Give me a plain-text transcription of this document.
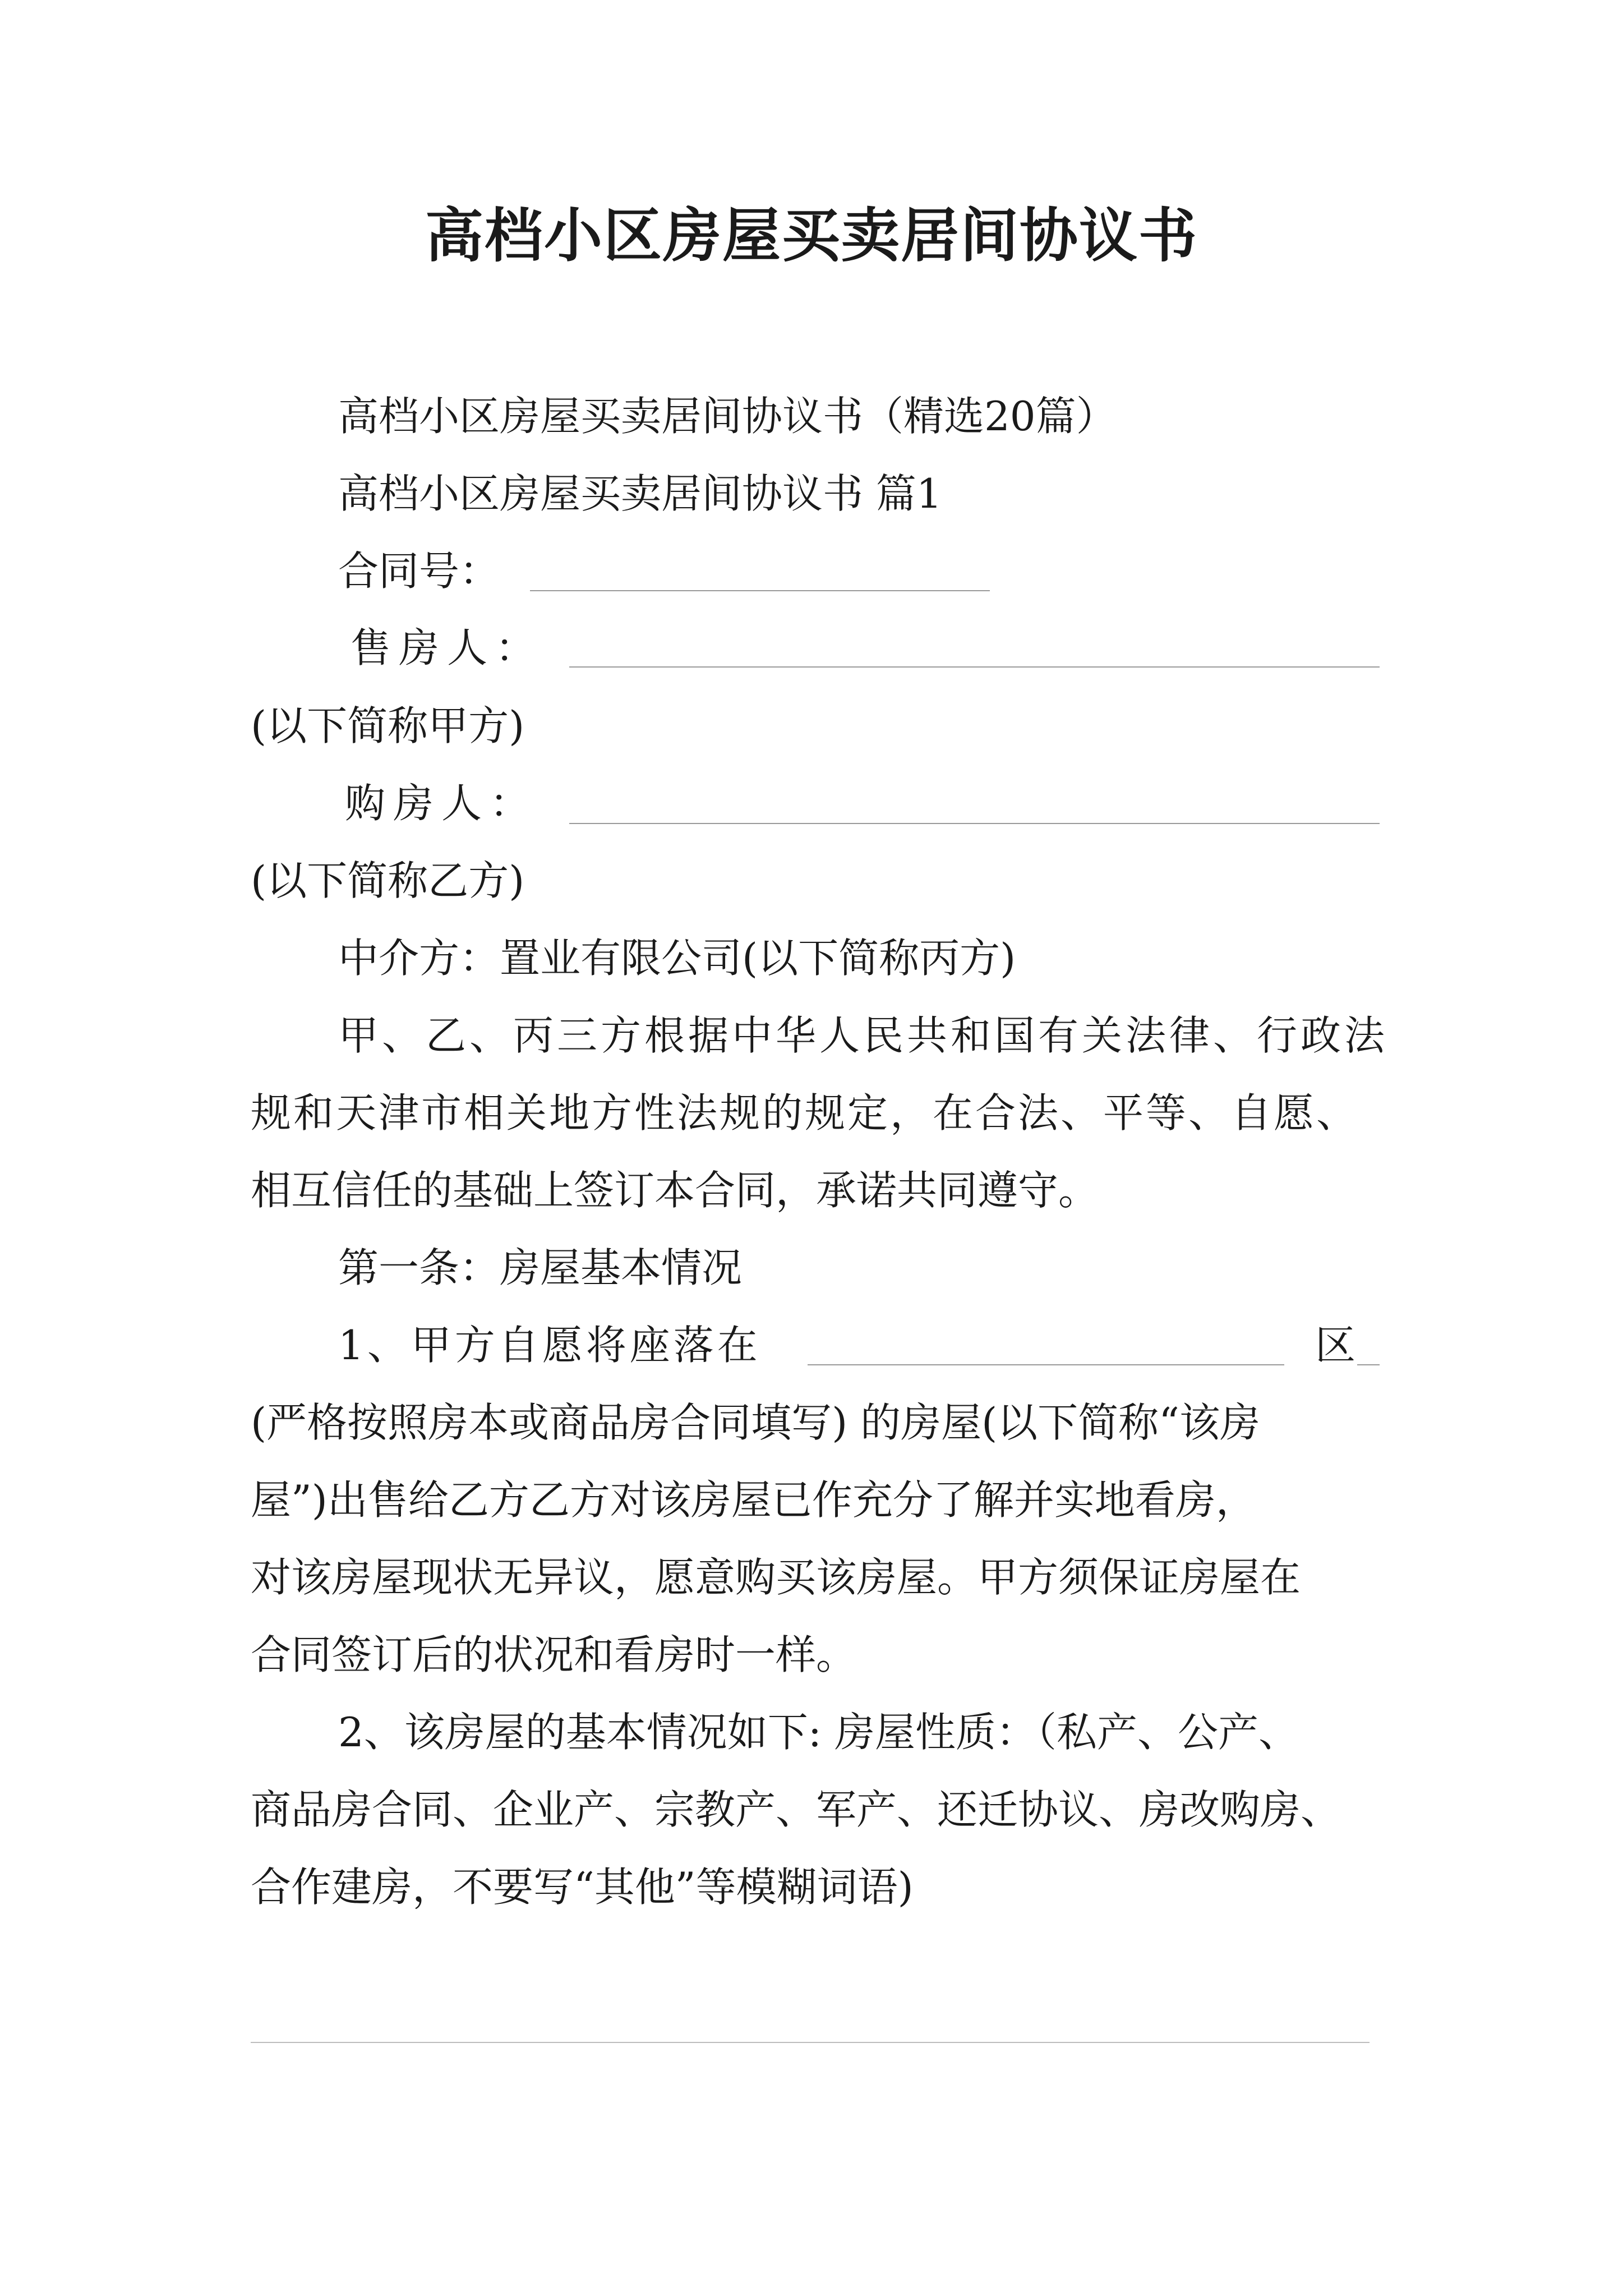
高档小区房屋买卖居间协议书
高档小区房屋买卖居间协议书（精选20篇）
高档小区房屋买卖居间协议书 篇1
合同号：
售房人：
(以下简称甲方)
购房人：
(以下简称乙方)
中介方：置业有限公司(以下简称丙方)
甲、乙、丙三方根据中华人民共和国有关法律、行政法
规和天津市相关地方性法规的规定，在合法、平等、自愿、
相互信任的基础上签订本合同，承诺共同遵守。
第一条：房屋基本情况
1、甲方自愿将座落在	区
(严格按照房本或商品房合同填写) 的房屋(以下简称“该房
屋”)出售给乙方乙方对该房屋已作充分了解并实地看房，
对该房屋现状无异议，愿意购买该房屋。甲方须保证房屋在
合同签订后的状况和看房时一样。
2、该房屋的基本情况如下: 房屋性质：（私产、公产、
商品房合同、企业产、宗教产、军产、还迁协议、房改购房、
合作建房，不要写“其他”等模糊词语)
